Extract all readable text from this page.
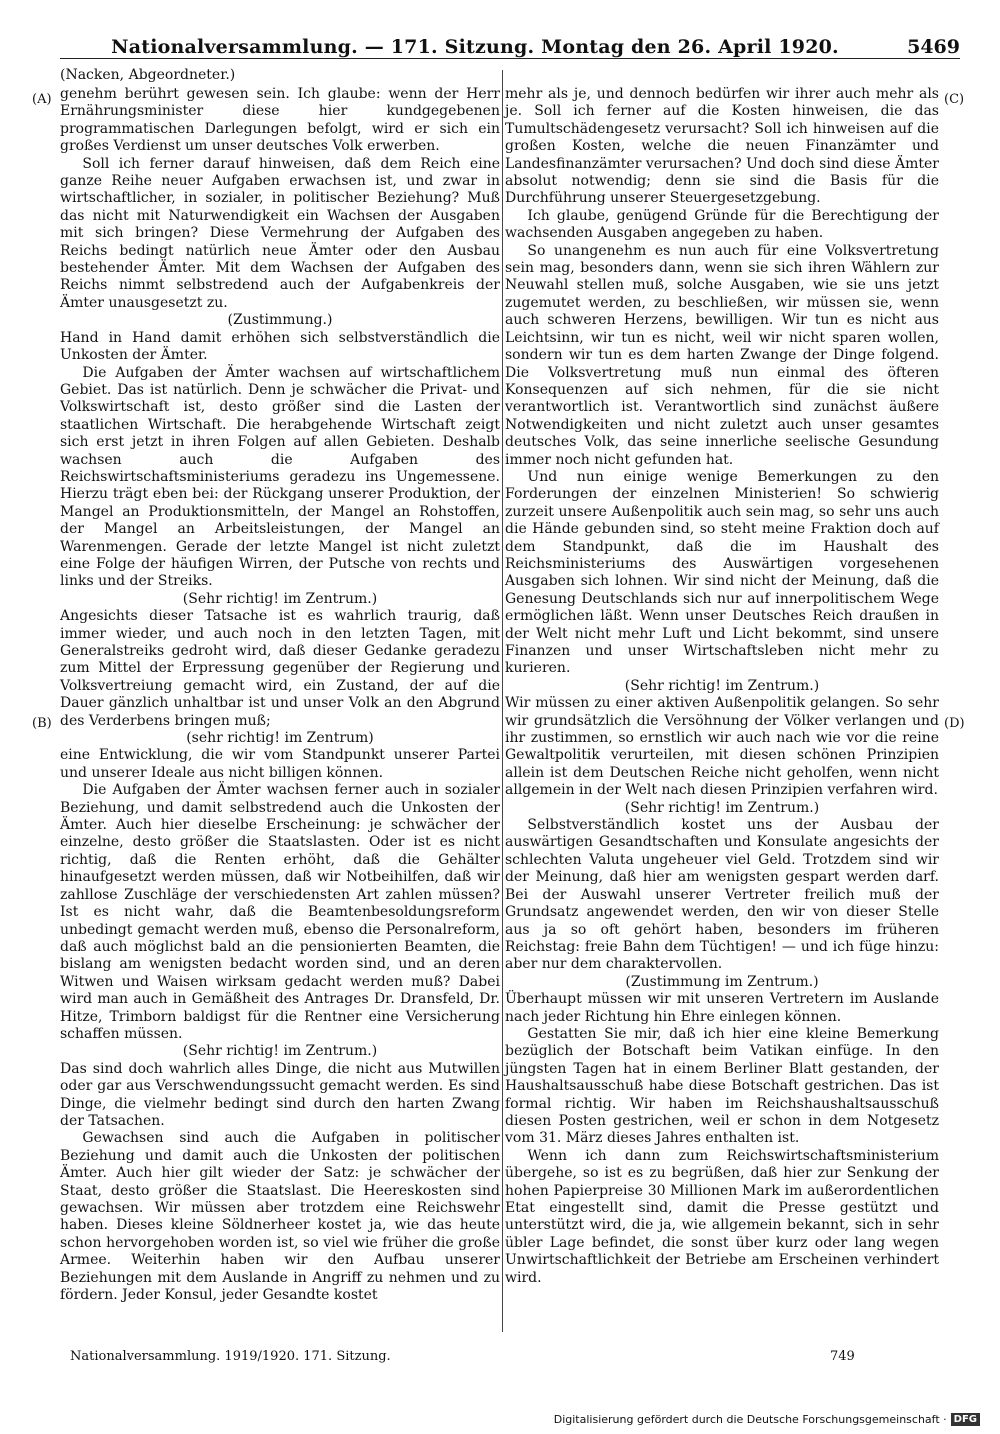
Nationalversammlung. — 171. Sitzung. Montag den 26. April 1920.	5469
(Nacken, Abgeordneter.)
(A)
(B)
(C)
(D)

genehm berührt gewesen sein. Ich glaube: wenn der Herr Ernährungsminister diese hier kundgegebenen programmatischen Darlegungen befolgt, wird er sich ein großes Verdienst um unser deutsches Volk erwerben.

Soll ich ferner darauf hinweisen, daß dem Reich eine ganze Reihe neuer Aufgaben erwachsen ist, und zwar in wirtschaftlicher, in sozialer, in politischer Beziehung? Muß das nicht mit Naturwendigkeit ein Wachsen der Ausgaben mit sich bringen? Diese Vermehrung der Aufgaben des Reichs bedingt natürlich neue Ämter oder den Ausbau bestehender Ämter. Mit dem Wachsen der Aufgaben des Reichs nimmt selbstredend auch der Aufgabenkreis der Ämter unausgesetzt zu.

(Zustimmung.)

Hand in Hand damit erhöhen sich selbstverständlich die Unkosten der Ämter.

Die Aufgaben der Ämter wachsen auf wirtschaftlichem Gebiet. Das ist natürlich. Denn je schwächer die Privat- und Volkswirtschaft ist, desto größer sind die Lasten der staatlichen Wirtschaft. Die herabgehende Wirtschaft zeigt sich erst jetzt in ihren Folgen auf allen Gebieten. Deshalb wachsen auch die Aufgaben des Reichswirtschaftsministeriums geradezu ins Ungemessene. Hierzu trägt eben bei: der Rückgang unserer Produktion, der Mangel an Produktionsmitteln, der Mangel an Rohstoffen, der Mangel an Arbeitsleistungen, der Mangel an Warenmengen. Gerade der letzte Mangel ist nicht zuletzt eine Folge der häufigen Wirren, der Putsche von rechts und links und der Streiks.

(Sehr richtig! im Zentrum.)

Angesichts dieser Tatsache ist es wahrlich traurig, daß immer wieder, und auch noch in den letzten Tagen, mit Generalstreiks gedroht wird, daß dieser Gedanke geradezu zum Mittel der Erpressung gegenüber der Regierung und Volksvertreiung gemacht wird, ein Zustand, der auf die Dauer gänzlich unhaltbar ist und unser Volk an den Abgrund des Verderbens bringen muß;

(sehr richtig! im Zentrum)

eine Entwicklung, die wir vom Standpunkt unserer Partei und unserer Ideale aus nicht billigen können.

Die Aufgaben der Ämter wachsen ferner auch in sozialer Beziehung, und damit selbstredend auch die Unkosten der Ämter. Auch hier dieselbe Erscheinung: je schwächer der einzelne, desto größer die Staatslasten. Oder ist es nicht richtig, daß die Renten erhöht, daß die Gehälter hinaufgesetzt werden müssen, daß wir Notbeihilfen, daß wir zahllose Zuschläge der verschiedensten Art zahlen müssen? Ist es nicht wahr, daß die Beamtenbesoldungsreform unbedingt gemacht werden muß, ebenso die Personalreform, daß auch möglichst bald an die pensionierten Beamten, die bislang am wenigsten bedacht worden sind, und an deren Witwen und Waisen wirksam gedacht werden muß? Dabei wird man auch in Gemäßheit des Antrages Dr. Dransfeld, Dr. Hitze, Trimborn baldigst für die Rentner eine Versicherung schaffen müssen.

(Sehr richtig! im Zentrum.)

Das sind doch wahrlich alles Dinge, die nicht aus Mutwillen oder gar aus Verschwendungssucht gemacht werden. Es sind Dinge, die vielmehr bedingt sind durch den harten Zwang der Tatsachen.

Gewachsen sind auch die Aufgaben in politischer Beziehung und damit auch die Unkosten der politischen Ämter. Auch hier gilt wieder der Satz: je schwächer der Staat, desto größer die Staatslast. Die Heereskosten sind gewachsen. Wir müssen aber trotzdem eine Reichswehr haben. Dieses kleine Söldnerheer kostet ja, wie das heute schon hervorgehoben worden ist, so viel wie früher die große Armee. Weiterhin haben wir den Aufbau unserer Beziehungen mit dem Auslande in Angriff zu nehmen und zu fördern. Jeder Konsul, jeder Gesandte kostet

mehr als je, und dennoch bedürfen wir ihrer auch mehr als je. Soll ich ferner auf die Kosten hinweisen, die das Tumultschädengesetz verursacht? Soll ich hinweisen auf die großen Kosten, welche die neuen Finanzämter und Landesfinanzämter verursachen? Und doch sind diese Ämter absolut notwendig; denn sie sind die Basis für die Durchführung unserer Steuergesetzgebung.

Ich glaube, genügend Gründe für die Berechtigung der wachsenden Ausgaben angegeben zu haben.

So unangenehm es nun auch für eine Volksvertretung sein mag, besonders dann, wenn sie sich ihren Wählern zur Neuwahl stellen muß, solche Ausgaben, wie sie uns jetzt zugemutet werden, zu beschließen, wir müssen sie, wenn auch schweren Herzens, bewilligen. Wir tun es nicht aus Leichtsinn, wir tun es nicht, weil wir nicht sparen wollen, sondern wir tun es dem harten Zwange der Dinge folgend. Die Volksvertretung muß nun einmal des öfteren Konsequenzen auf sich nehmen, für die sie nicht verantwortlich ist. Verantwortlich sind zunächst äußere Notwendigkeiten und nicht zuletzt auch unser gesamtes deutsches Volk, das seine innerliche seelische Gesundung immer noch nicht gefunden hat.

Und nun einige wenige Bemerkungen zu den Forderungen der einzelnen Ministerien! So schwierig zurzeit unsere Außenpolitik auch sein mag, so sehr uns auch die Hände gebunden sind, so steht meine Fraktion doch auf dem Standpunkt, daß die im Haushalt des Reichsministeriums des Auswärtigen vorgesehenen Ausgaben sich lohnen. Wir sind nicht der Meinung, daß die Genesung Deutschlands sich nur auf innerpolitischem Wege ermöglichen läßt. Wenn unser Deutsches Reich draußen in der Welt nicht mehr Luft und Licht bekommt, sind unsere Finanzen und unser Wirtschaftsleben nicht mehr zu kurieren.

(Sehr richtig! im Zentrum.)

Wir müssen zu einer aktiven Außenpolitik gelangen. So sehr wir grundsätzlich die Versöhnung der Völker verlangen und ihr zustimmen, so ernstlich wir auch nach wie vor die reine Gewaltpolitik verurteilen, mit diesen schönen Prinzipien allein ist dem Deutschen Reiche nicht geholfen, wenn nicht allgemein in der Welt nach diesen Prinzipien verfahren wird.

(Sehr richtig! im Zentrum.)

Selbstverständlich kostet uns der Ausbau der auswärtigen Gesandtschaften und Konsulate angesichts der schlechten Valuta ungeheuer viel Geld. Trotzdem sind wir der Meinung, daß hier am wenigsten gespart werden darf. Bei der Auswahl unserer Vertreter freilich muß der Grundsatz angewendet werden, den wir von dieser Stelle aus ja so oft gehört haben, besonders im früheren Reichstag: freie Bahn dem Tüchtigen! — und ich füge hinzu: aber nur dem charaktervollen.

(Zustimmung im Zentrum.)

Überhaupt müssen wir mit unseren Vertretern im Auslande nach jeder Richtung hin Ehre einlegen können.

Gestatten Sie mir, daß ich hier eine kleine Bemerkung bezüglich der Botschaft beim Vatikan einfüge. In den jüngsten Tagen hat in einem Berliner Blatt gestanden, der Haushaltsausschuß habe diese Botschaft gestrichen. Das ist formal richtig. Wir haben im Reichshaushaltsausschuß diesen Posten gestrichen, weil er schon in dem Notgesetz vom 31. März dieses Jahres enthalten ist.

Wenn ich dann zum Reichswirtschaftsministerium übergehe, so ist es zu begrüßen, daß hier zur Senkung der hohen Papierpreise 30 Millionen Mark im außerordentlichen Etat eingestellt sind, damit die Presse gestützt und unterstützt wird, die ja, wie allgemein bekannt, sich in sehr übler Lage befindet, die sonst über kurz oder lang wegen Unwirtschaftlichkeit der Betriebe am Erscheinen verhindert wird.

Nationalversammlung. 1919/1920. 171. Sitzung.	749
Digitalisierung gefördert durch die Deutsche Forschungsgemeinschaft · DFG
